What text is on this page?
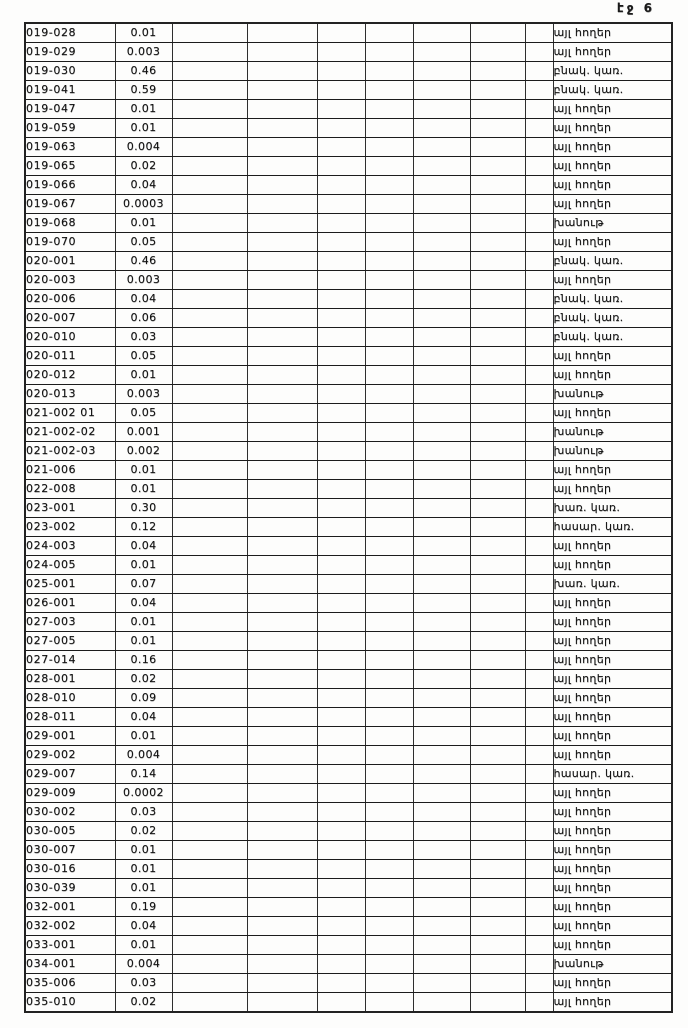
էջ 6
019-028	0.01								այլ հողեր
019-029	0.003								այլ հողեր
019-030	0.46								բնակ. կառ.
019-041	0.59								բնակ. կառ.
019-047	0.01								այլ հողեր
019-059	0.01								այլ հողեր
019-063	0.004								այլ հողեր
019-065	0.02								այլ հողեր
019-066	0.04								այլ հողեր
019-067	0.0003								այլ հողեր
019-068	0.01								խանութ
019-070	0.05								այլ հողեր
020-001	0.46								բնակ. կառ.
020-003	0.003								այլ հողեր
020-006	0.04								բնակ. կառ.
020-007	0.06								բնակ. կառ.
020-010	0.03								բնակ. կառ.
020-011	0.05								այլ հողեր
020-012	0.01								այլ հողեր
020-013	0.003								խանութ
021-002 01	0.05								այլ հողեր
021-002-02	0.001								խանութ
021-002-03	0.002								խանութ
021-006	0.01								այլ հողեր
022-008	0.01								այլ հողեր
023-001	0.30								խառ. կառ.
023-002	0.12								հասար. կառ.
024-003	0.04								այլ հողեր
024-005	0.01								այլ հողեր
025-001	0.07								խառ. կառ.
026-001	0.04								այլ հողեր
027-003	0.01								այլ հողեր
027-005	0.01								այլ հողեր
027-014	0.16								այլ հողեր
028-001	0.02								այլ հողեր
028-010	0.09								այլ հողեր
028-011	0.04								այլ հողեր
029-001	0.01								այլ հողեր
029-002	0.004								այլ հողեր
029-007	0.14								հասար. կառ.
029-009	0.0002								այլ հողեր
030-002	0.03								այլ հողեր
030-005	0.02								այլ հողեր
030-007	0.01								այլ հողեր
030-016	0.01								այլ հողեր
030-039	0.01								այլ հողեր
032-001	0.19								այլ հողեր
032-002	0.04								այլ հողեր
033-001	0.01								այլ հողեր
034-001	0.004								խանութ
035-006	0.03								այլ հողեր
035-010	0.02								այլ հողեր
